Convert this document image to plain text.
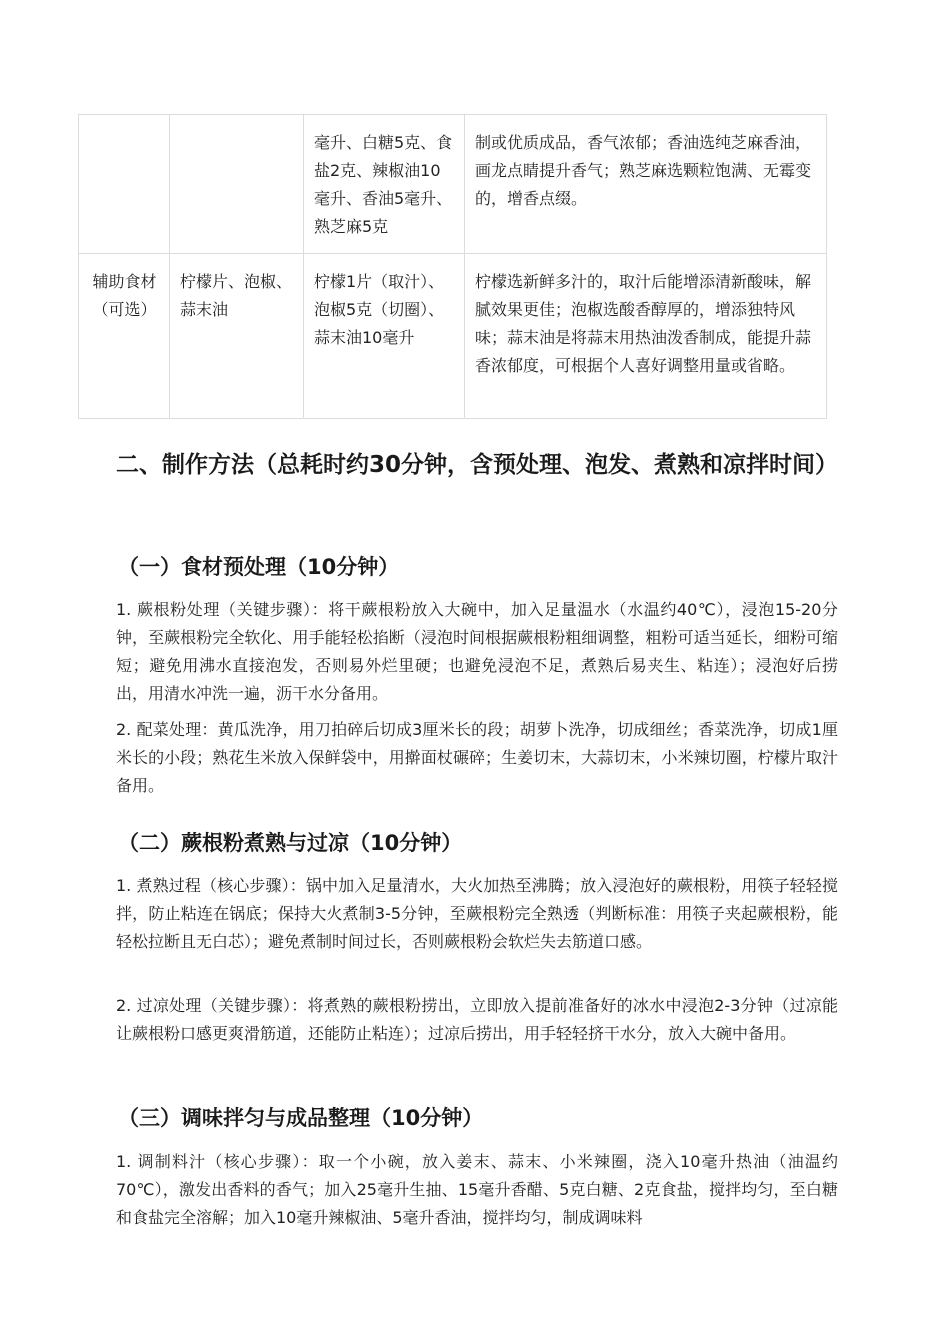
		毫升、白糖5克、食盐2克、辣椒油10毫升、香油5毫升、熟芝麻5克	制或优质成品，香气浓郁；香油选纯芝麻香油，画龙点睛提升香气；熟芝麻选颗粒饱满、无霉变的，增香点缀。
辅助食材（可选）	柠檬片、泡椒、蒜末油	柠檬1片（取汁）、泡椒5克（切圈）、蒜末油10毫升	柠檬选新鲜多汁的，取汁后能增添清新酸味，解腻效果更佳；泡椒选酸香醇厚的，增添独特风味；蒜末油是将蒜末用热油泼香制成，能提升蒜香浓郁度，可根据个人喜好调整用量或省略。
二、制作方法（总耗时约30分钟，含预处理、泡发、煮熟和凉拌时间）
（一）食材预处理（10分钟）

1. 蕨根粉处理（关键步骤）：将干蕨根粉放入大碗中，加入足量温水（水温约40℃），浸泡15-20分钟，至蕨根粉完全软化、用手能轻松掐断（浸泡时间根据蕨根粉粗细调整，粗粉可适当延长，细粉可缩短；避免用沸水直接泡发，否则易外烂里硬；也避免浸泡不足，煮熟后易夹生、粘连）；浸泡好后捞出，用清水冲洗一遍，沥干水分备用。

2. 配菜处理：黄瓜洗净，用刀拍碎后切成3厘米长的段；胡萝卜洗净，切成细丝；香菜洗净，切成1厘米长的小段；熟花生米放入保鲜袋中，用擀面杖碾碎；生姜切末，大蒜切末，小米辣切圈，柠檬片取汁备用。

（二）蕨根粉煮熟与过凉（10分钟）

1. 煮熟过程（核心步骤）：锅中加入足量清水，大火加热至沸腾；放入浸泡好的蕨根粉，用筷子轻轻搅拌，防止粘连在锅底；保持大火煮制3-5分钟，至蕨根粉完全熟透（判断标准：用筷子夹起蕨根粉，能轻松拉断且无白芯）；避免煮制时间过长，否则蕨根粉会软烂失去筋道口感。

2. 过凉处理（关键步骤）：将煮熟的蕨根粉捞出，立即放入提前准备好的冰水中浸泡2-3分钟（过凉能让蕨根粉口感更爽滑筋道，还能防止粘连）；过凉后捞出，用手轻轻挤干水分，放入大碗中备用。

（三）调味拌匀与成品整理（10分钟）

1. 调制料汁（核心步骤）：取一个小碗，放入姜末、蒜末、小米辣圈，浇入10毫升热油（油温约70℃），激发出香料的香气；加入25毫升生抽、15毫升香醋、5克白糖、2克食盐，搅拌均匀，至白糖和食盐完全溶解；加入10毫升辣椒油、5毫升香油，搅拌均匀，制成调味料
